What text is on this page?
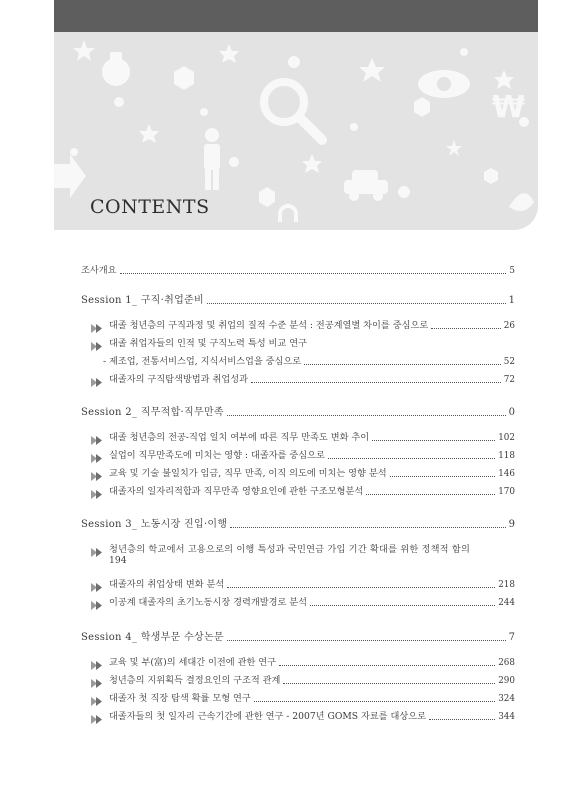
₩
CONTENTS
조사개요	5
Session 1_ 구직·취업준비	1
대졸 청년층의 구직과정 및 취업의 질적 수준 분석 : 전공계열별 차이를 중심으로	26
대졸 취업자들의 인적 및 구직노력 특성 비교 연구
- 제조업, 전통서비스업, 지식서비스업을 중심으로	52
대졸자의 구직탐색방법과 취업성과	72
Session 2_ 직무적합·직무만족	0
대졸 청년층의 전공-직업 일치 여부에 따른 직무 만족도 변화 추이	102
실업이 직무만족도에 미치는 영향 : 대졸자를 중심으로	118
교육 및 기술 불일치가 임금, 직무 만족, 이직 의도에 미치는 영향 분석	146
대졸자의 일자리적합과 직무만족 영향요인에 관한 구조모형분석	170
Session 3_ 노동시장 진입·이행	9
청년층의 학교에서 고용으로의 이행 특성과 국민연금 가입 기간 확대를 위한 정책적 함의
194
대졸자의 취업상태 변화 분석	218
이공계 대졸자의 초기노동시장 경력개발경로 분석	244
Session 4_ 학생부문 수상논문	7
교육 및 부(富)의 세대간 이전에 관한 연구	268
청년층의 지위획득 결정요인의 구조적 관계	290
대졸자 첫 직장 탐색 확률 모형 연구	324
대졸자들의 첫 일자리 근속기간에 관한 연구 - 2007년 GOMS 자료를 대상으로	344
